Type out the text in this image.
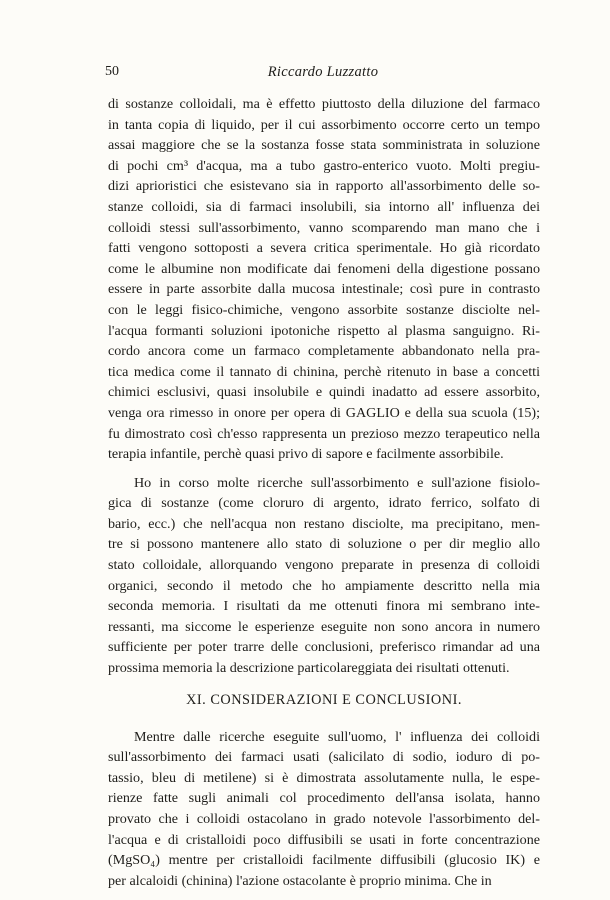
50	Riccardo Luzzatto
di sostanze colloidali, ma è effetto piuttosto della diluzione del farmaco
in tanta copia di liquido, per il cui assorbimento occorre certo un tempo
assai maggiore che se la sostanza fosse stata somministrata in soluzione
di pochi cm³ d'acqua, ma a tubo gastro-enterico vuoto. Molti pregiu-
dizi aprioristici che esistevano sia in rapporto all'assorbimento delle so-
stanze colloidi, sia di farmaci insolubili, sia intorno all' influenza dei
colloidi stessi sull'assorbimento, vanno scomparendo man mano che i
fatti vengono sottoposti a severa critica sperimentale. Ho già ricordato
come le albumine non modificate dai fenomeni della digestione possano
essere in parte assorbite dalla mucosa intestinale; così pure in contrasto
con le leggi fisico-chimiche, vengono assorbite sostanze disciolte nel-
l'acqua formanti soluzioni ipotoniche rispetto al plasma sanguigno. Ri-
cordo ancora come un farmaco completamente abbandonato nella pra-
tica medica come il tannato di chinina, perchè ritenuto in base a concetti
chimici esclusivi, quasi insolubile e quindi inadatto ad essere assorbito,
venga ora rimesso in onore per opera di GAGLIO e della sua scuola (15);
fu dimostrato così ch'esso rappresenta un prezioso mezzo terapeutico nella
terapia infantile, perchè quasi privo di sapore e facilmente assorbibile.
Ho in corso molte ricerche sull'assorbimento e sull'azione fisiolo-
gica di sostanze (come cloruro di argento, idrato ferrico, solfato di
bario, ecc.) che nell'acqua non restano disciolte, ma precipitano, men-
tre si possono mantenere allo stato di soluzione o per dir meglio allo
stato colloidale, allorquando vengono preparate in presenza di colloidi
organici, secondo il metodo che ho ampiamente descritto nella mia
seconda memoria. I risultati da me ottenuti finora mi sembrano inte-
ressanti, ma siccome le esperienze eseguite non sono ancora in numero
sufficiente per poter trarre delle conclusioni, preferisco rimandar ad una
prossima memoria la descrizione particolareggiata dei risultati ottenuti.
XI. CONSIDERAZIONI E CONCLUSIONI.
Mentre dalle ricerche eseguite sull'uomo, l' influenza dei colloidi
sull'assorbimento dei farmaci usati (salicilato di sodio, ioduro di po-
tassio, bleu di metilene) si è dimostrata assolutamente nulla, le espe-
rienze fatte sugli animali col procedimento dell'ansa isolata, hanno
provato che i colloidi ostacolano in grado notevole l'assorbimento del-
l'acqua e di cristalloidi poco diffusibili se usati in forte concentrazione
(MgSO₄) mentre per cristalloidi facilmente diffusibili (glucosio IK) e
per alcaloidi (chinina) l'azione ostacolante è proprio minima. Che in
